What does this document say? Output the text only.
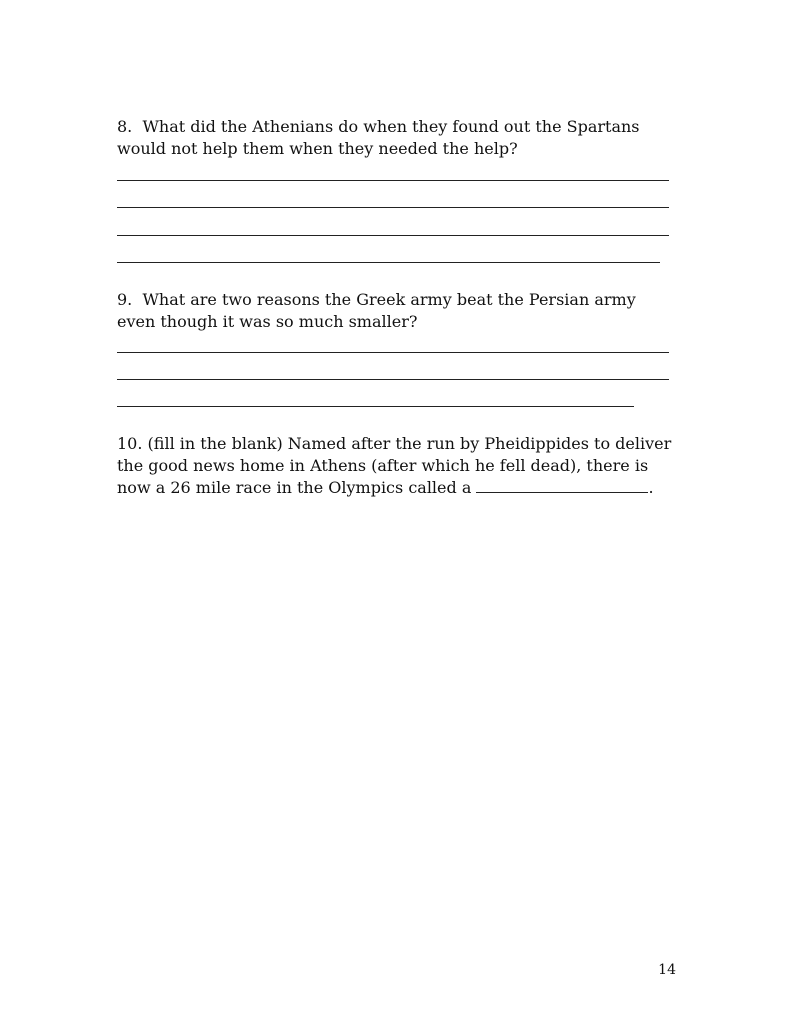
8. What did the Athenians do when they found out the Spartans would not help them when they needed the help?

9. What are two reasons the Greek army beat the Persian army even though it was so much smaller?

10. (fill in the blank) Named after the run by Pheidippides to deliver the good news home in Athens (after which he fell dead), there is now a 26 mile race in the Olympics called a	.

14
